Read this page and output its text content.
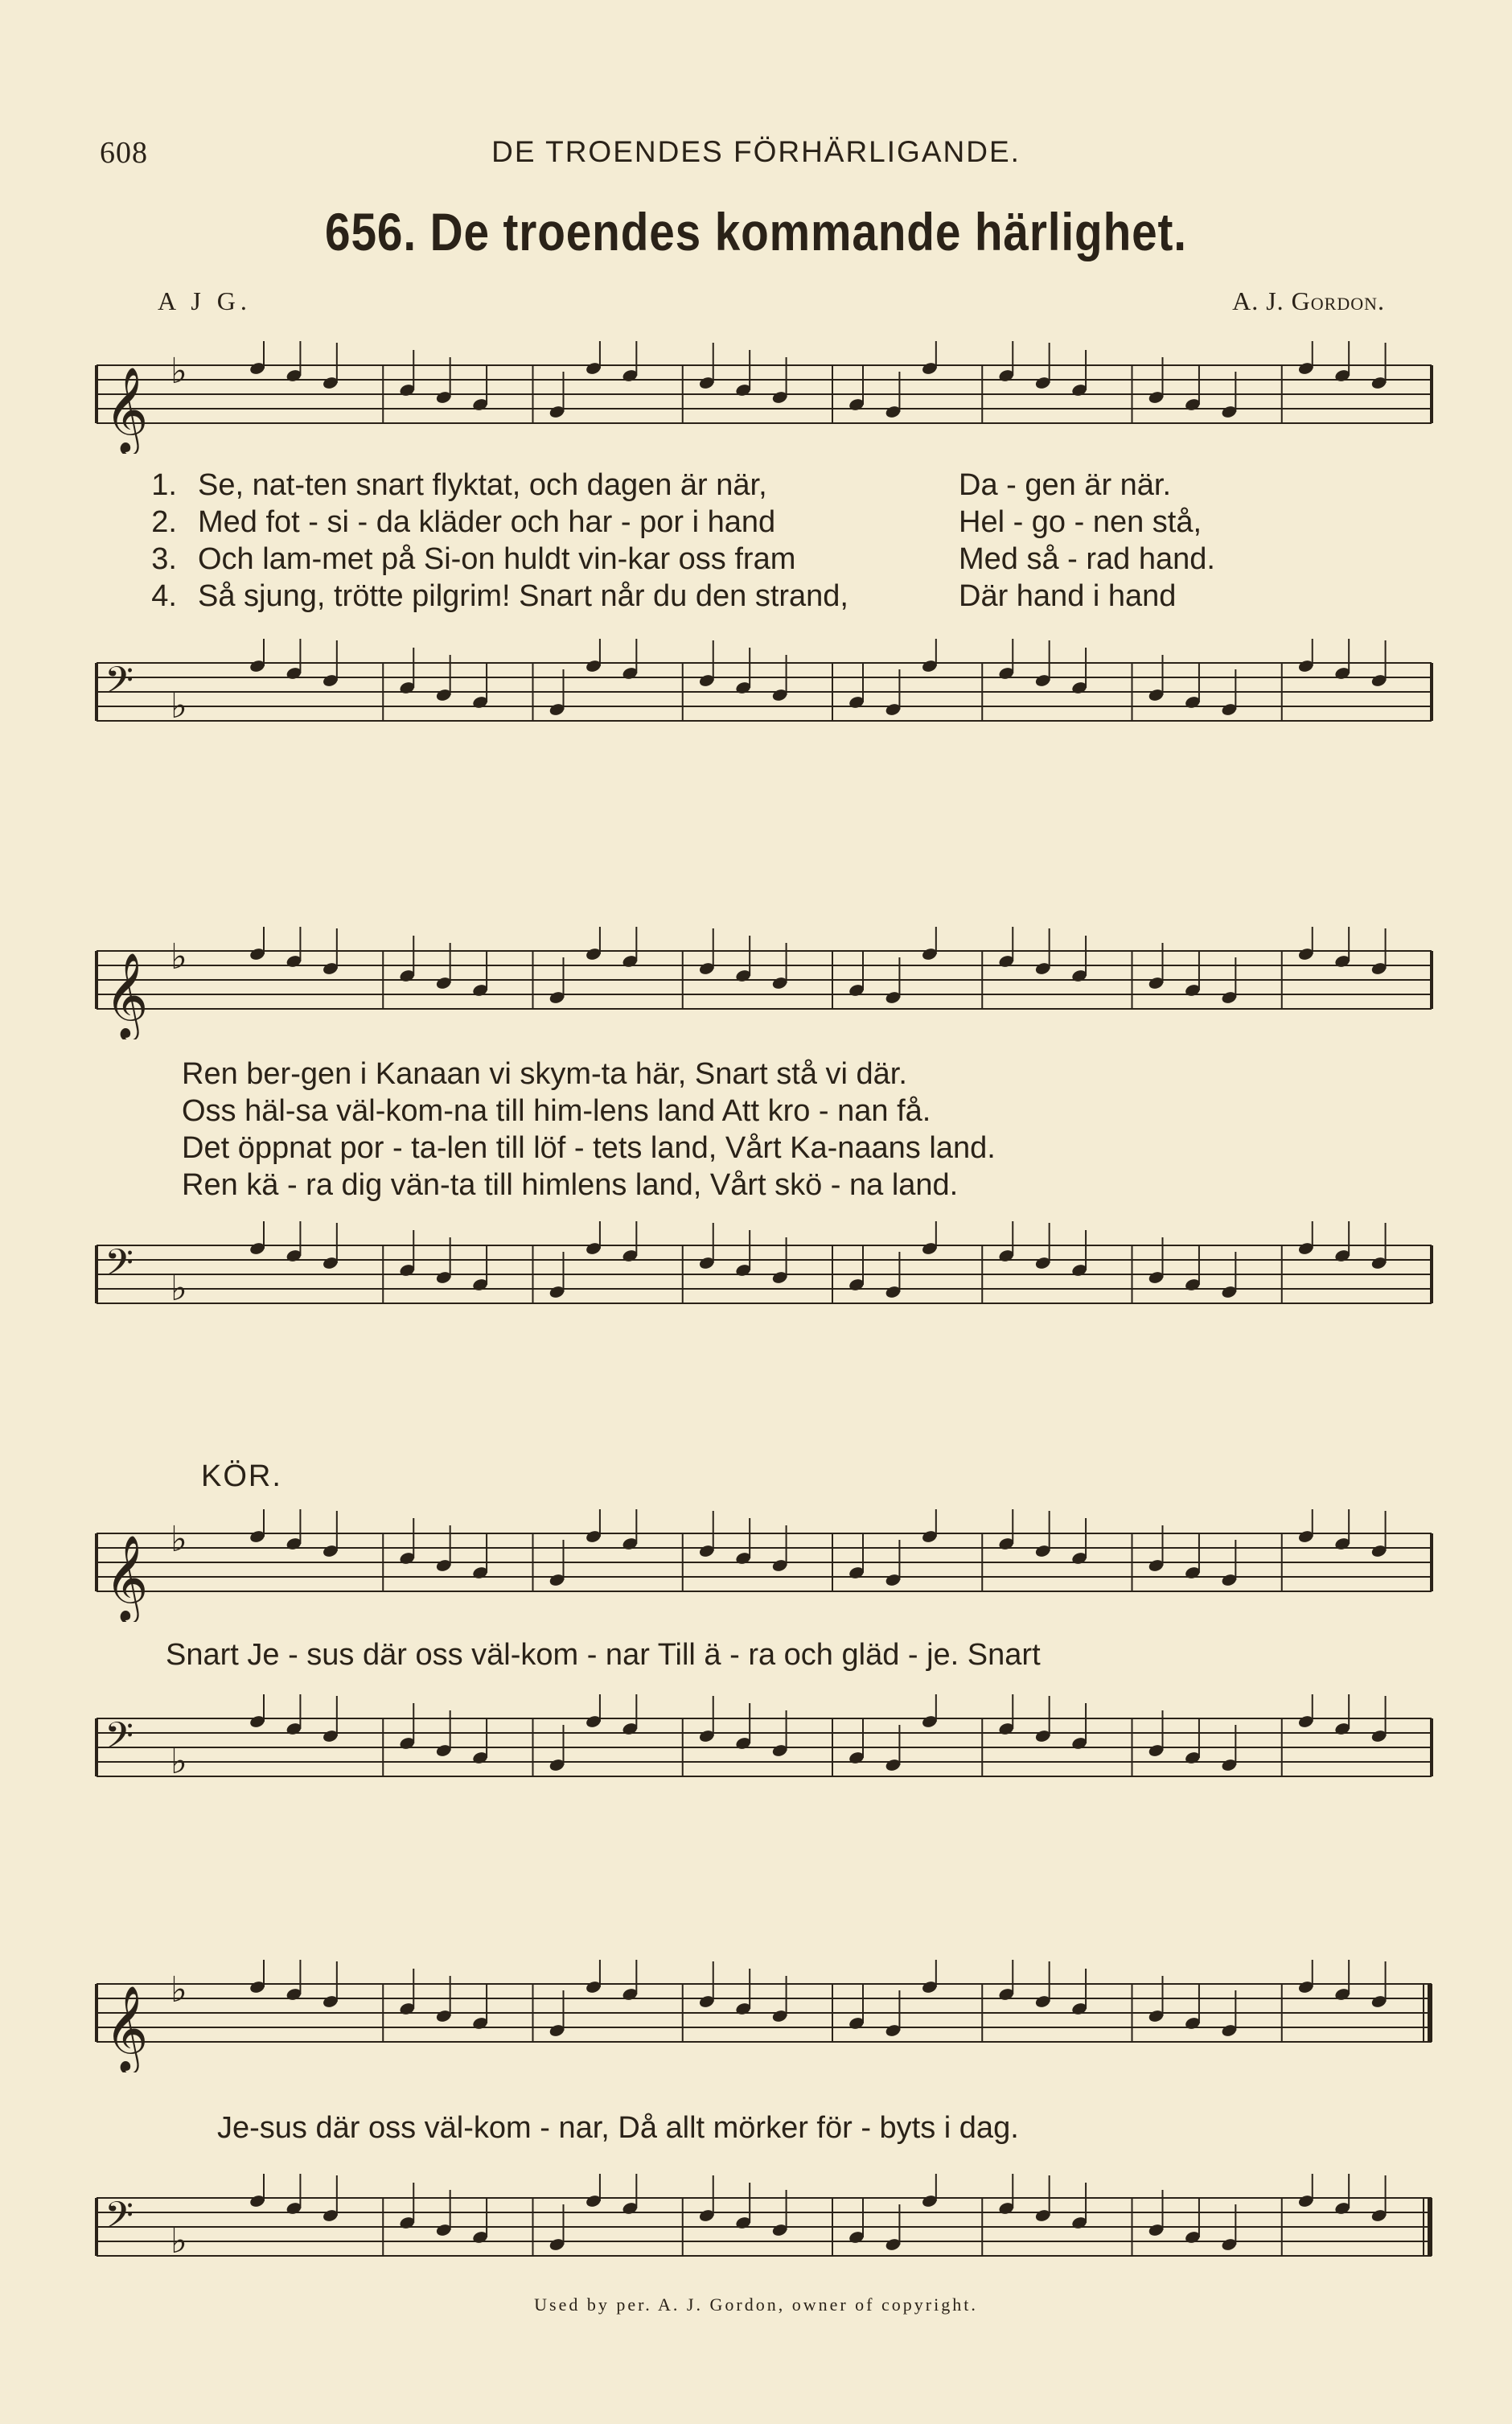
608	DE TROENDES FÖRHÄRLIGANDE.
656. De troendes kommande härlighet.
A J G.	A. J. Gordon.
𝄞 ♭
𝄢 ♭
1. Se, nat-ten snart flyktat, och dagen är när,	Da - gen är när.
2. Med fot - si - da kläder och har - por i hand	Hel - go - nen stå,
3. Och lam-met på Si-on huldt vin-kar oss fram	Med så - rad hand.
4. Så sjung, trötte pilgrim! Snart når du den strand,	Där hand i hand
𝄞 ♭
Ren ber-gen i Kanaan vi skym-ta här, Snart stå vi där.
Oss häl-sa väl-kom-na till him-lens land Att kro - nan få.
Det öppnat por - ta-len till löf - tets land, Vårt Ka-naans land.
Ren kä - ra dig vän-ta till himlens land, Vårt skö - na land.
𝄢 ♭
KÖR.
𝄞 ♭
Snart Je - sus där oss väl-kom - nar Till ä - ra och gläd - je. Snart
𝄢 ♭
𝄞 ♭
Je-sus där oss väl-kom - nar, Då allt mörker för - byts i dag.
𝄢 ♭
Used by per. A. J. Gordon, owner of copyright.
